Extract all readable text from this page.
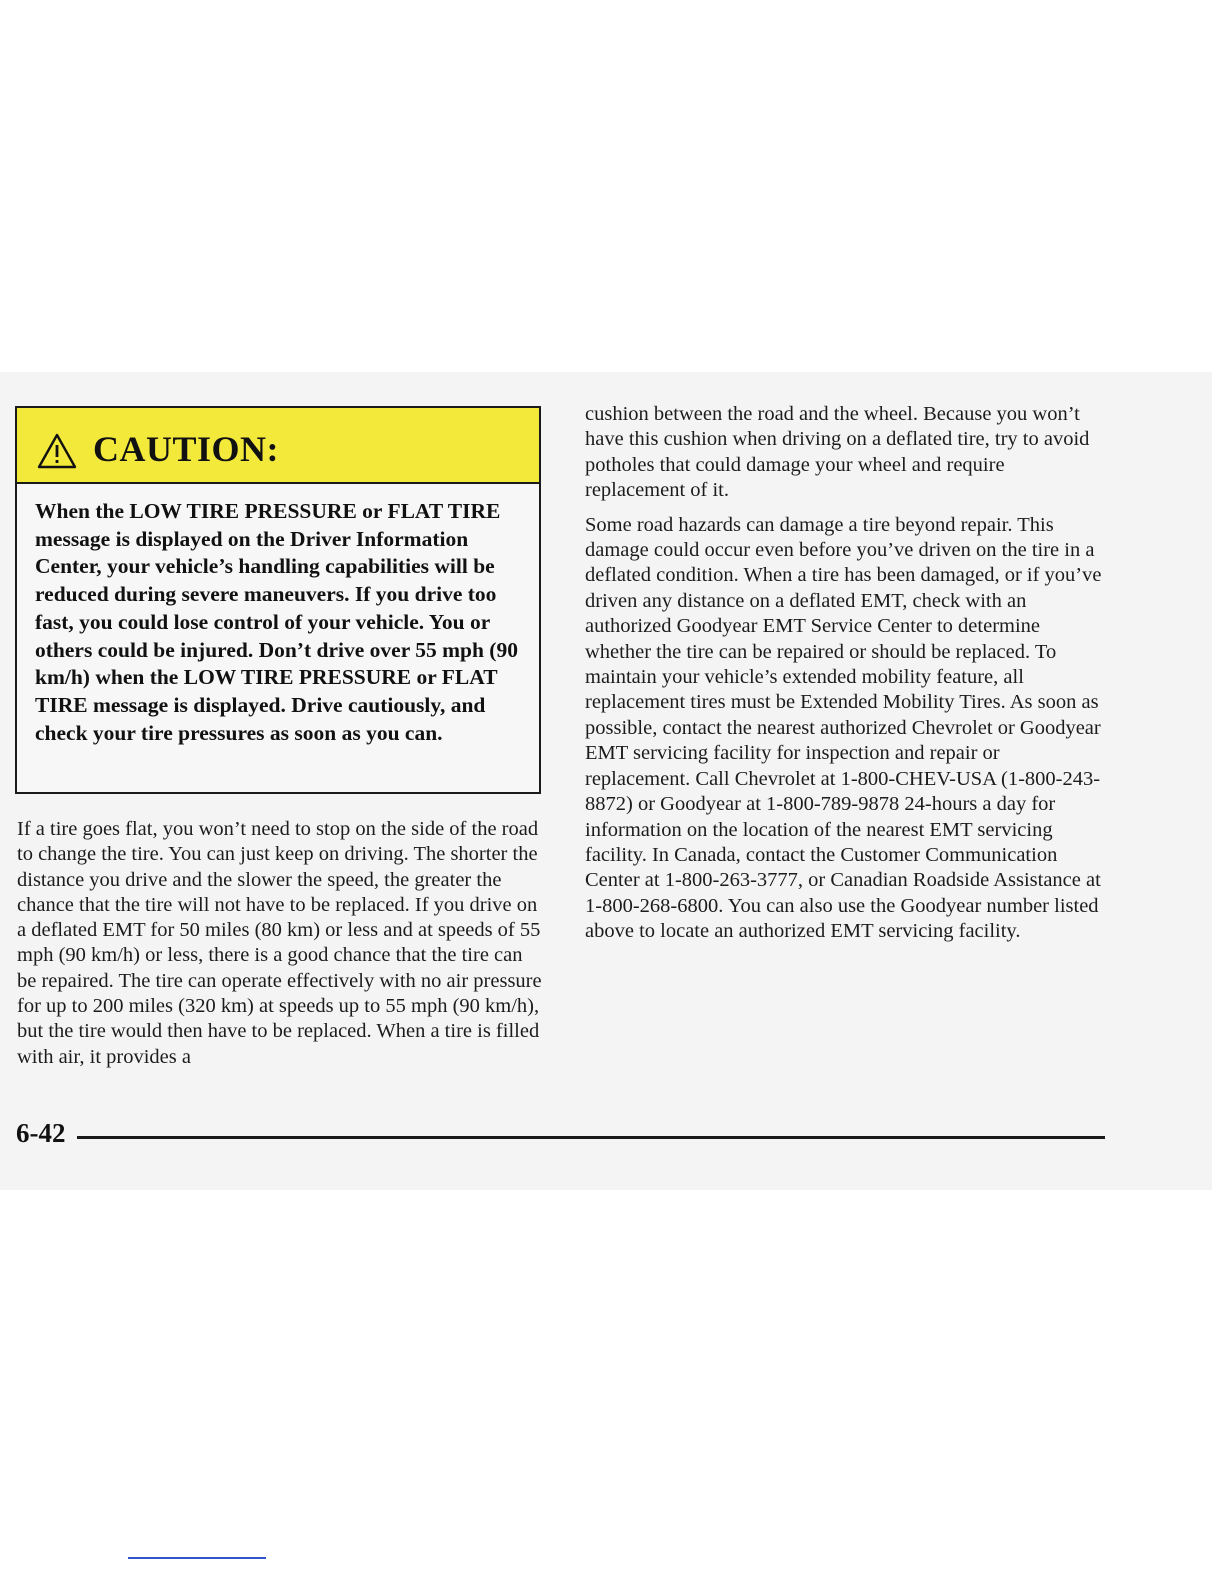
CAUTION:

When the LOW TIRE PRESSURE or FLAT TIRE message is displayed on the Driver Information Center, your vehicle’s handling capabilities will be reduced during severe maneuvers. If you drive too fast, you could lose control of your vehicle. You or others could be injured. Don’t drive over 55 mph (90 km/h) when the LOW TIRE PRESSURE or FLAT TIRE message is displayed. Drive cautiously, and check your tire pressures as soon as you can.

If a tire goes flat, you won’t need to stop on the side of the road to change the tire. You can just keep on driving. The shorter the distance you drive and the slower the speed, the greater the chance that the tire will not have to be replaced. If you drive on a deflated EMT for 50 miles (80 km) or less and at speeds of 55 mph (90 km/h) or less, there is a good chance that the tire can be repaired. The tire can operate effectively with no air pressure for up to 200 miles (320 km) at speeds up to 55 mph (90 km/h), but the tire would then have to be replaced. When a tire is filled with air, it provides a

cushion between the road and the wheel. Because you won’t have this cushion when driving on a deflated tire, try to avoid potholes that could damage your wheel and require replacement of it.

Some road hazards can damage a tire beyond repair. This damage could occur even before you’ve driven on the tire in a deflated condition. When a tire has been damaged, or if you’ve driven any distance on a deflated EMT, check with an authorized Goodyear EMT Service Center to determine whether the tire can be repaired or should be replaced. To maintain your vehicle’s extended mobility feature, all replacement tires must be Extended Mobility Tires. As soon as possible, contact the nearest authorized Chevrolet or Goodyear EMT servicing facility for inspection and repair or replacement. Call Chevrolet at 1-800-CHEV-USA (1-800-243-8872) or Goodyear at 1-800-789-9878 24-hours a day for information on the location of the nearest EMT servicing facility. In Canada, contact the Customer Communication Center at 1-800-263-3777, or Canadian Roadside Assistance at 1-800-268-6800. You can also use the Goodyear number listed above to locate an authorized EMT servicing facility.

6-42
